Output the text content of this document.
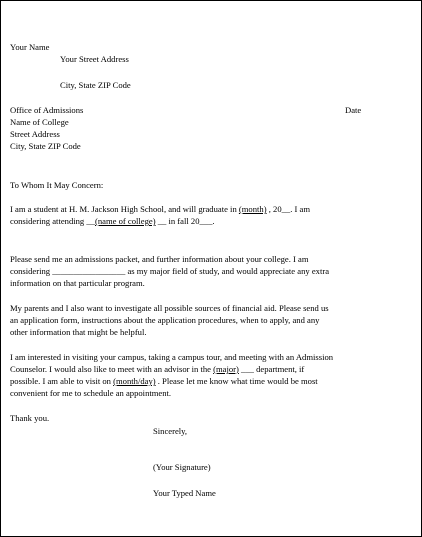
Your Name
Your Street Address
City, State ZIP Code
Office of Admissions	Date
Name of College
Street Address
City, State ZIP Code
To Whom It May Concern:
I am a student at H. M. Jackson High School, and will graduate in (month) , 20__. I am
considering attending __(name of college) __ in fall 20___.
Please send me an admissions packet, and further information about your college. I am
considering _________________ as my major field of study, and would appreciate any extra
information on that particular program.
My parents and I also want to investigate all possible sources of financial aid. Please send us
an application form, instructions about the application procedures, when to apply, and any
other information that might be helpful.
I am interested in visiting your campus, taking a campus tour, and meeting with an Admission
Counselor. I would also like to meet with an advisor in the (major) ___ department, if
possible. I am able to visit on (month/day) . Please let me know what time would be most
convenient for me to schedule an appointment.
Thank you.
Sincerely,
(Your Signature)
Your Typed Name
